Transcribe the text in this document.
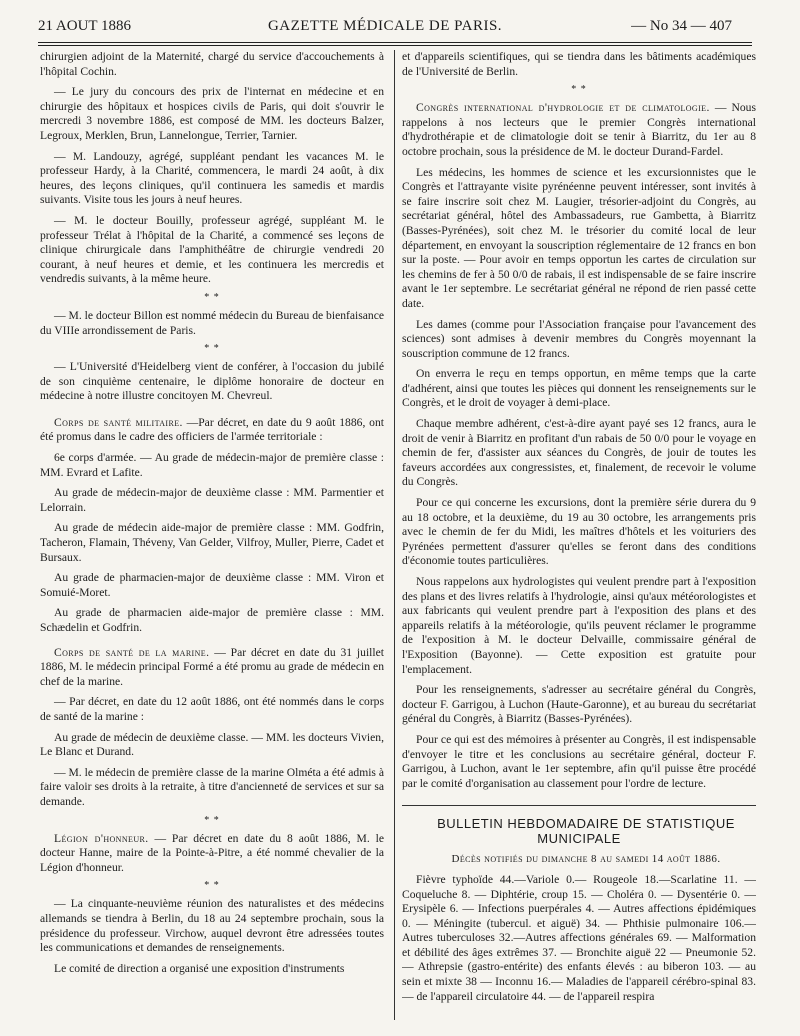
21 AOUT 1886	GAZETTE MÉDICALE DE PARIS.	— No 34 — 407

chirurgien adjoint de la Maternité, chargé du service d'accouchements à l'hôpital Cochin.

— Le jury du concours des prix de l'internat en médecine et en chirurgie des hôpitaux et hospices civils de Paris, qui doit s'ouvrir le mercredi 3 novembre 1886, est composé de MM. les docteurs Balzer, Legroux, Merklen, Brun, Lannelongue, Terrier, Tarnier.

— M. Landouzy, agrégé, suppléant pendant les vacances M. le professeur Hardy, à la Charité, commencera, le mardi 24 août, à dix heures, des leçons cliniques, qu'il continuera les samedis et mardis suivants. Visite tous les jours à neuf heures.

— M. le docteur Bouilly, professeur agrégé, suppléant M. le professeur Trélat à l'hôpital de la Charité, a commencé ses leçons de clinique chirurgicale dans l'amphithéâtre de chirurgie vendredi 20 courant, à neuf heures et demie, et les continuera les mercredis et vendredis suivants, à la même heure.

* *

— M. le docteur Billon est nommé médecin du Bureau de bienfaisance du VIIIe arrondissement de Paris.

* *

— L'Université d'Heidelberg vient de conférer, à l'occasion du jubilé de son cinquième centenaire, le diplôme honoraire de docteur en médecine à notre illustre concitoyen M. Chevreul.

Corps de santé militaire. —Par décret, en date du 9 août 1886, ont été promus dans le cadre des officiers de l'armée territoriale :

6e corps d'armée. — Au grade de médecin-major de première classe : MM. Evrard et Lafite.

Au grade de médecin-major de deuxième classe : MM. Parmentier et Lelorrain.

Au grade de médecin aide-major de première classe : MM. Godfrin, Tacheron, Flamain, Théveny, Van Gelder, Vilfroy, Muller, Pierre, Cadet et Bursaux.

Au grade de pharmacien-major de deuxième classe : MM. Viron et Somuié-Moret.

Au grade de pharmacien aide-major de première classe : MM. Schædelin et Godfrin.

Corps de santé de la marine. — Par décret en date du 31 juillet 1886, M. le médecin principal Formé a été promu au grade de médecin en chef de la marine.

— Par décret, en date du 12 août 1886, ont été nommés dans le corps de santé de la marine :

Au grade de médecin de deuxième classe. — MM. les docteurs Vivien, Le Blanc et Durand.

— M. le médecin de première classe de la marine Olméta a été admis à faire valoir ses droits à la retraite, à titre d'ancienneté de services et sur sa demande.

* *

Légion d'honneur. — Par décret en date du 8 août 1886, M. le docteur Hanne, maire de la Pointe-à-Pitre, a été nommé chevalier de la Légion d'honneur.

* *

— La cinquante-neuvième réunion des naturalistes et des médecins allemands se tiendra à Berlin, du 18 au 24 septembre prochain, sous la présidence du professeur. Virchow, auquel devront être adressées toutes les communications et demandes de renseignements.

Le comité de direction a organisé une exposition d'instruments

et d'appareils scientifiques, qui se tiendra dans les bâtiments académiques de l'Université de Berlin.

* *

Congrès international d'hydrologie et de climatologie. — Nous rappelons à nos lecteurs que le premier Congrès international d'hydrothérapie et de climatologie doit se tenir à Biarritz, du 1er au 8 octobre prochain, sous la présidence de M. le docteur Durand-Fardel.

Les médecins, les hommes de science et les excursionnistes que le Congrès et l'attrayante visite pyrénéenne peuvent intéresser, sont invités à se faire inscrire soit chez M. Laugier, trésorier-adjoint du Congrès, au secrétariat général, hôtel des Ambassadeurs, rue Gambetta, à Biarritz (Basses-Pyrénées), soit chez M. le trésorier du comité local de leur département, en envoyant la souscription réglementaire de 12 francs en bon sur la poste. — Pour avoir en temps opportun les cartes de circulation sur les chemins de fer à 50 0/0 de rabais, il est indispensable de se faire inscrire avant le 1er septembre. Le secrétariat général ne répond de rien passé cette date.

Les dames (comme pour l'Association française pour l'avancement des sciences) sont admises à devenir membres du Congrès moyennant la souscription commune de 12 francs.

On enverra le reçu en temps opportun, en même temps que la carte d'adhérent, ainsi que toutes les pièces qui donnent les renseignements sur le Congrès, et le droit de voyager à demi-place.

Chaque membre adhérent, c'est-à-dire ayant payé ses 12 francs, aura le droit de venir à Biarritz en profitant d'un rabais de 50 0/0 pour le voyage en chemin de fer, d'assister aux séances du Congrès, de jouir de toutes les faveurs accordées aux congressistes, et, finalement, de recevoir le volume du Congrès.

Pour ce qui concerne les excursions, dont la première série durera du 9 au 18 octobre, et la deuxième, du 19 au 30 octobre, les arrangements pris avec le chemin de fer du Midi, les maîtres d'hôtels et les voituriers des Pyrénées permettent d'assurer qu'elles se feront dans des conditions d'économie toutes particulières.

Nous rappelons aux hydrologistes qui veulent prendre part à l'exposition des plans et des livres relatifs à l'hydrologie, ainsi qu'aux météorologistes et aux fabricants qui veulent prendre part à l'exposition des plans et des appareils relatifs à la météorologie, qu'ils peuvent réclamer le programme de l'exposition à M. le docteur Delvaille, commissaire général de l'Exposition (Bayonne). — Cette exposition est gratuite pour l'emplacement.

Pour les renseignements, s'adresser au secrétaire général du Congrès, docteur F. Garrigou, à Luchon (Haute-Garonne), et au bureau du secrétariat général du Congrès, à Biarritz (Basses-Pyrénées).

Pour ce qui est des mémoires à présenter au Congrès, il est indispensable d'envoyer le titre et les conclusions au secrétaire général, docteur F. Garrigou, à Luchon, avant le 1er septembre, afin qu'il puisse être procédé par le comité d'organisation au classement pour l'ordre de lecture.

BULLETIN HEBDOMADAIRE DE STATISTIQUE MUNICIPALE

Décès notifiés du dimanche 8 au samedi 14 août 1886.

Fièvre typhoïde 44.—Variole 0.— Rougeole 18.—Scarlatine 11. — Coqueluche 8. — Diphtérie, croup 15. — Choléra 0. — Dysentérie 0. — Erysipèle 6. — Infections puerpérales 4. — Autres affections épidémiques 0. — Méningite (tubercul. et aiguë) 34. — Phthisie pulmonaire 106.— Autres tuberculoses 32.—Autres affections générales 69. — Malformation et débilité des âges extrêmes 37. — Bronchite aiguë 22 — Pneumonie 52. — Athrepsie (gastro-entérite) des enfants élevés : au biberon 103. — au sein et mixte 38 — Inconnu 16.— Maladies de l'appareil cérébro-spinal 83. — de l'appareil circulatoire 44. — de l'appareil respira
